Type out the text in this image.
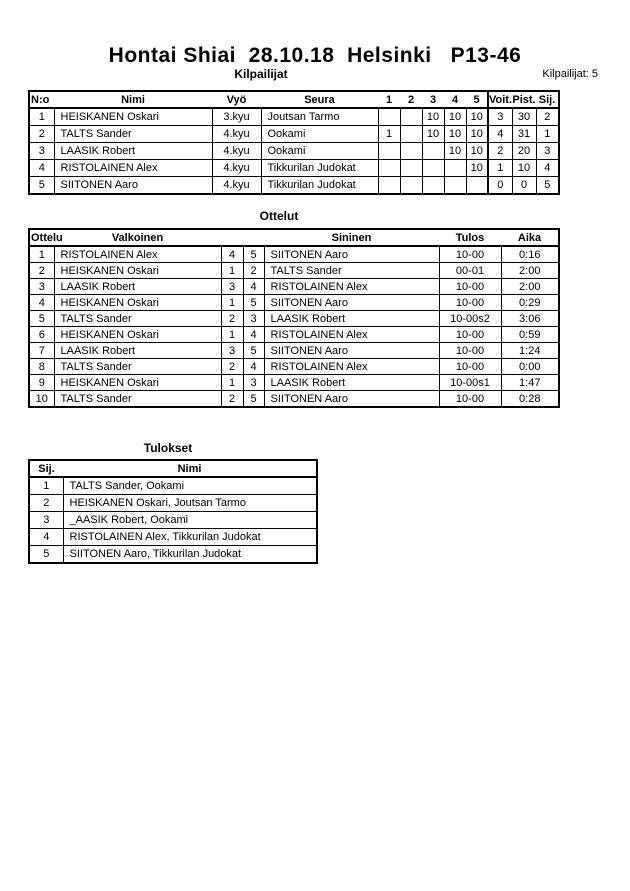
Hontai Shiai  28.10.18  Helsinki   P13-46
Kilpailijat	Kilpailijat: 5
N:o	Nimi	Vyö	Seura	1	2	3	4	5	Voit.	Pist.	Sij.
1	HEISKANEN Oskari	3.kyu	Joutsan Tarmo			10	10	10	3	30	2
2	TALTS Sander	4.kyu	Ookami	1		10	10	10	4	31	1
3	LAASIK Robert	4.kyu	Ookami				10	10	2	20	3
4	RISTOLAINEN Alex	4.kyu	Tikkurilan Judokat					10	1	10	4
5	SIITONEN Aaro	4.kyu	Tikkurilan Judokat						0	0	5
Ottelut
Ottelu	Valkoinen			Sininen	Tulos	Aika
1	RISTOLAINEN Alex	4	5	SIITONEN Aaro	10-00	0:16
2	HEISKANEN Oskari	1	2	TALTS Sander	00-01	2:00
3	LAASIK Robert	3	4	RISTOLAINEN Alex	10-00	2:00
4	HEISKANEN Oskari	1	5	SIITONEN Aaro	10-00	0:29
5	TALTS Sander	2	3	LAASIK Robert	10-00s2	3:06
6	HEISKANEN Oskari	1	4	RISTOLAINEN Alex	10-00	0:59
7	LAASIK Robert	3	5	SIITONEN Aaro	10-00	1:24
8	TALTS Sander	2	4	RISTOLAINEN Alex	10-00	0:00
9	HEISKANEN Oskari	1	3	LAASIK Robert	10-00s1	1:47
10	TALTS Sander	2	5	SIITONEN Aaro	10-00	0:28
Tulokset
Sij.	Nimi
1	TALTS Sander, Ookami
2	HEISKANEN Oskari, Joutsan Tarmo
3	_AASIK Robert, Ookami
4	RISTOLAINEN Alex, Tikkurilan Judokat
5	SIITONEN Aaro, Tikkurilan Judokat
